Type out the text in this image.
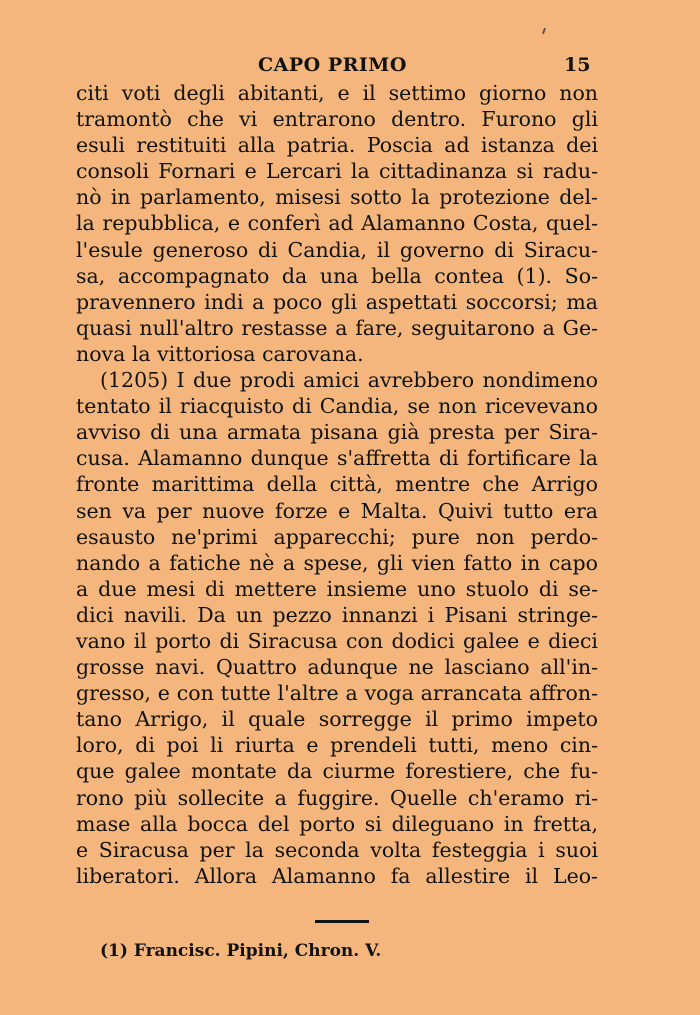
CAPO PRIMO	15
citi voti degli abitanti, e il settimo giorno non
tramontò che vi entrarono dentro. Furono gli
esuli restituiti alla patria. Poscia ad istanza dei
consoli Fornari e Lercari la cittadinanza si radu-
nò in parlamento, misesi sotto la protezione del-
la repubblica, e conferì ad Alamanno Costa, quel-
l'esule generoso di Candia, il governo di Siracu-
sa, accompagnato da una bella contea (1). So-
pravennero indi a poco gli aspettati soccorsi; ma
quasi null'altro restasse a fare, seguitarono a Ge-
nova la vittoriosa carovana.
(1205) I due prodi amici avrebbero nondimeno
tentato il riacquisto di Candia, se non ricevevano
avviso di una armata pisana già presta per Sira-
cusa. Alamanno dunque s'affretta di fortificare la
fronte marittima della città, mentre che Arrigo
sen va per nuove forze e Malta. Quivi tutto era
esausto ne'primi apparecchi; pure non perdo-
nando a fatiche nè a spese, gli vien fatto in capo
a due mesi di mettere insieme uno stuolo di se-
dici navili. Da un pezzo innanzi i Pisani stringe-
vano il porto di Siracusa con dodici galee e dieci
grosse navi. Quattro adunque ne lasciano all'in-
gresso, e con tutte l'altre a voga arrancata affron-
tano Arrigo, il quale sorregge il primo impeto
loro, di poi li riurta e prendeli tutti, meno cin-
que galee montate da ciurme forestiere, che fu-
rono più sollecite a fuggire. Quelle ch'eramo ri-
mase alla bocca del porto si dileguano in fretta,
e Siracusa per la seconda volta festeggia i suoi
liberatori. Allora Alamanno fa allestire il Leo-
(1) Francisc. Pipini, Chron. V.
